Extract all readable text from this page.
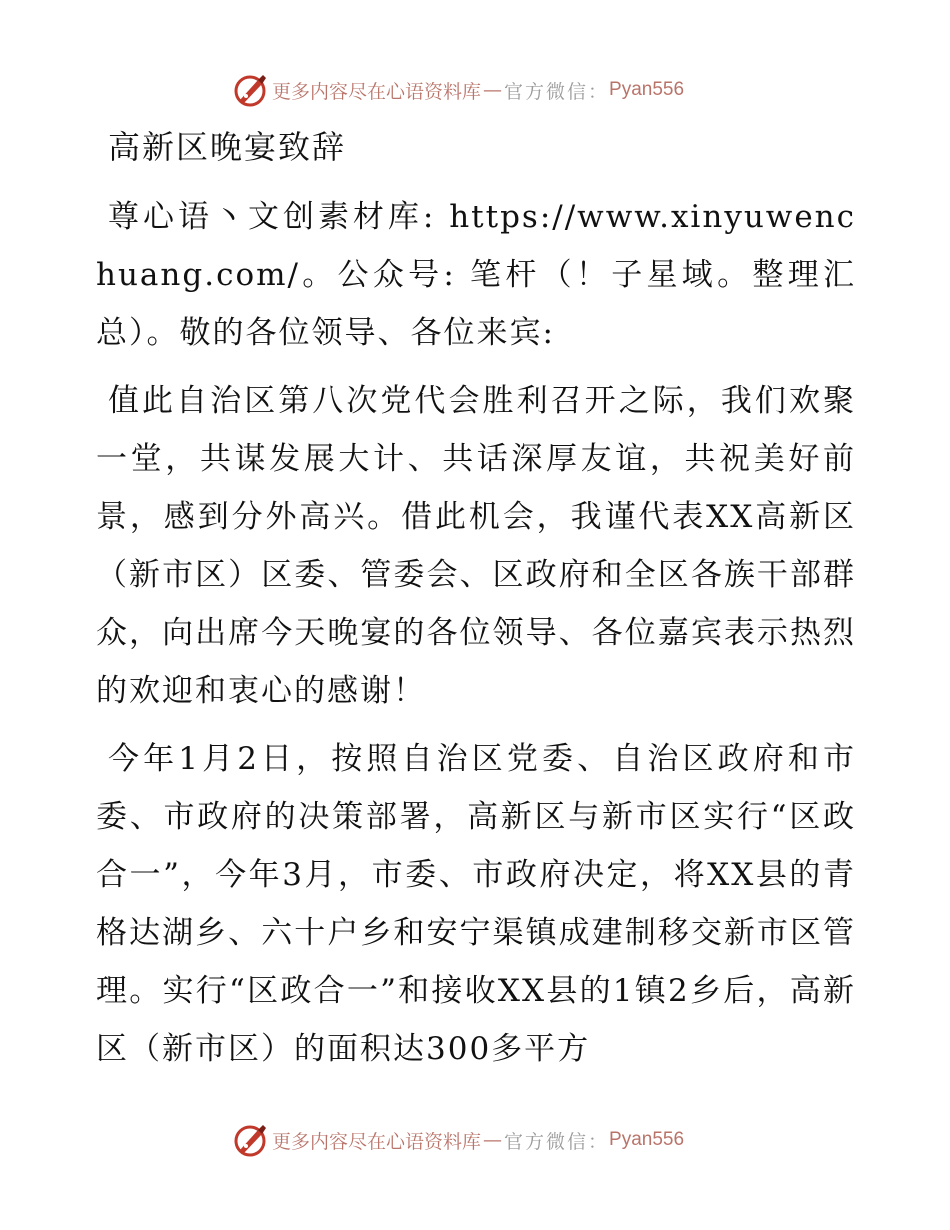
更多内容尽在心语资料库 — 官方微信： Pyan556
高新区晚宴致辞

尊心语丶文创素材库: https://www.xinyuwenchuang.com/。公众号: 笔杆（！子星域。整理汇总）。敬的各位领导、各位来宾:

值此自治区第八次党代会胜利召开之际，我们欢聚一堂，共谋发展大计、共话深厚友谊，共祝美好前景，感到分外高兴。借此机会，我谨代表XX高新区（新市区）区委、管委会、区政府和全区各族干部群众，向出席今天晚宴的各位领导、各位嘉宾表示热烈的欢迎和衷心的感谢！

今年1月2日，按照自治区党委、自治区政府和市委、市政府的决策部署，高新区与新市区实行“区政合一”，今年3月，市委、市政府决定，将XX县的青格达湖乡、六十户乡和安宁渠镇成建制移交新市区管理。实行“区政合一”和接收XX县的1镇2乡后，高新区（新市区）的面积达300多平方

更多内容尽在心语资料库 — 官方微信： Pyan556
